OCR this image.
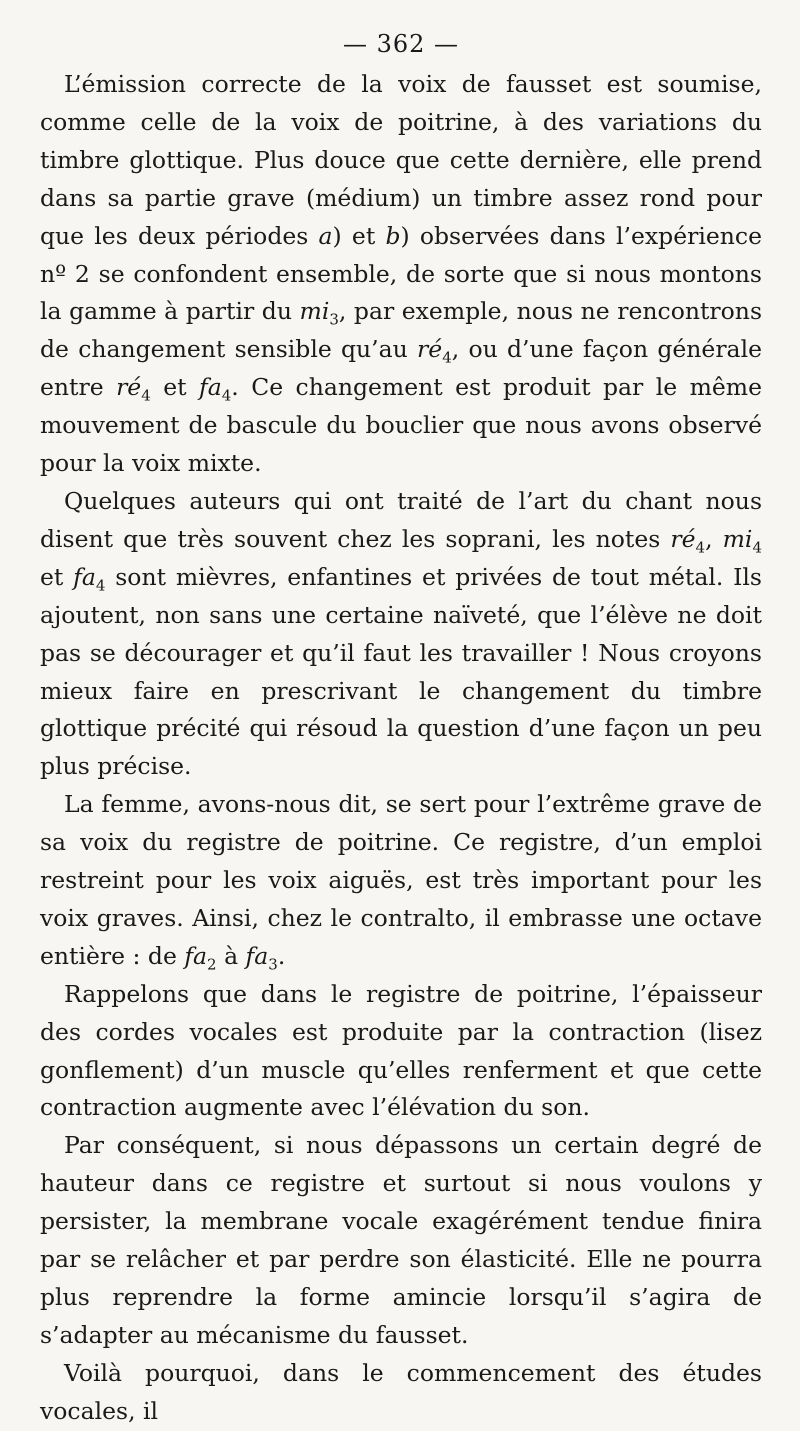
— 362 —

L’émission correcte de la voix de fausset est soumise, comme celle de la voix de poitrine, à des variations du timbre glottique. Plus douce que cette dernière, elle prend dans sa partie grave (médium) un timbre assez rond pour que les deux périodes a) et b) observées dans l’expérience nº 2 se confondent ensemble, de sorte que si nous montons la gamme à partir du $mi_3$, par exemple, nous ne rencontrons de changement sensible qu’au $ré_4$, ou d’une façon générale entre $ré_4$ et $fa_4$. Ce changement est produit par le même mouvement de bascule du bouclier que nous avons observé pour la voix mixte.

Quelques auteurs qui ont traité de l’art du chant nous disent que très souvent chez les soprani, les notes $ré_4$, $mi_4$ et $fa_4$ sont mièvres, enfantines et privées de tout métal. Ils ajoutent, non sans une certaine naïveté, que l’élève ne doit pas se décourager et qu’il faut les travailler ! Nous croyons mieux faire en prescrivant le changement du timbre glottique précité qui résoud la question d’une façon un peu plus précise.

La femme, avons-nous dit, se sert pour l’extrême grave de sa voix du registre de poitrine. Ce registre, d’un emploi restreint pour les voix aiguës, est très important pour les voix graves. Ainsi, chez le contralto, il embrasse une octave entière : de $fa_2$ à $fa_3$.

Rappelons que dans le registre de poitrine, l’épaisseur des cordes vocales est produite par la contraction (lisez gonflement) d’un muscle qu’elles renferment et que cette contraction augmente avec l’élévation du son.

Par conséquent, si nous dépassons un certain degré de hauteur dans ce registre et surtout si nous voulons y persister, la membrane vocale exagérément tendue finira par se relâcher et par perdre son élasticité. Elle ne pourra plus reprendre la forme amincie lorsqu’il s’agira de s’adapter au mécanisme du fausset.

Voilà pourquoi, dans le commencement des études vocales, il
